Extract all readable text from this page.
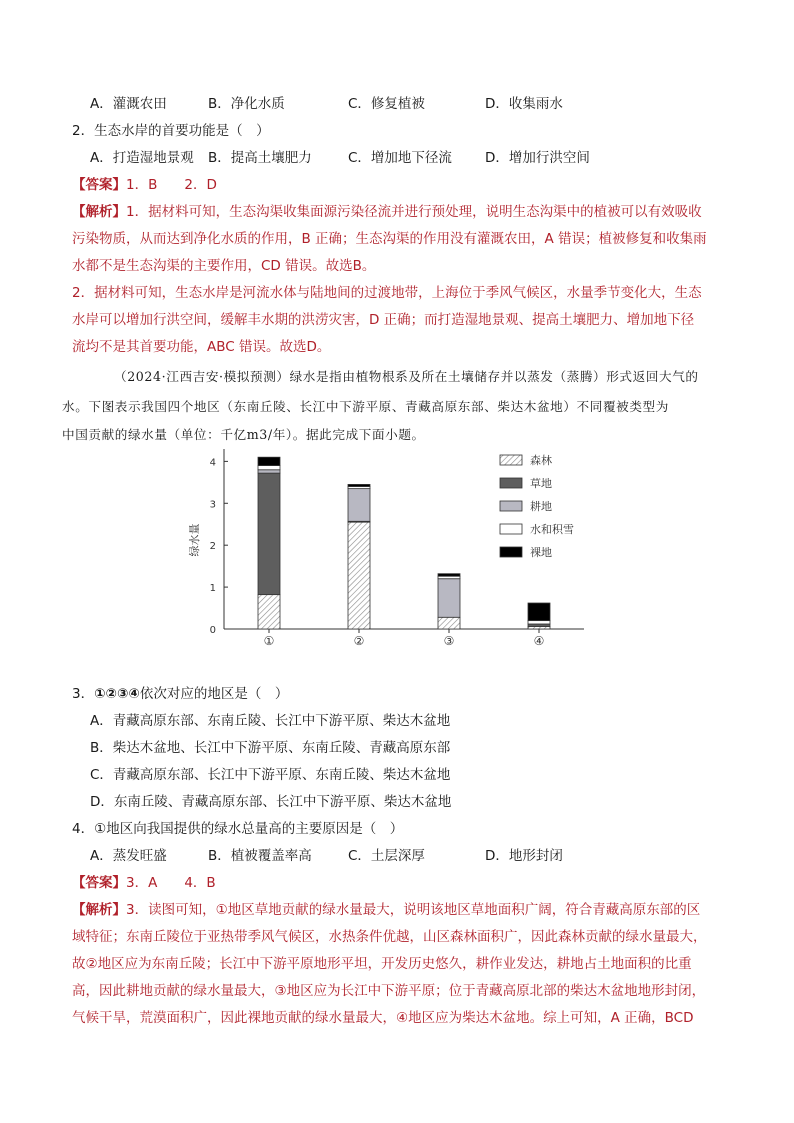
A．灌溉农田	B．净化水质	C．修复植被	D．收集雨水
2．生态水岸的首要功能是（　）
A．打造湿地景观 B．提高土壤肥力	C．增加地下径流 D．增加行洪空间
【答案】1．B　　2．D
【解析】1．据材料可知，生态沟渠收集面源污染径流并进行预处理，说明生态沟渠中的植被可以有效吸收
污染物质，从而达到净化水质的作用，B 正确；生态沟渠的作用没有灌溉农田，A 错误；植被修复和收集雨
水都不是生态沟渠的主要作用，CD 错误。故选B。
2．据材料可知，生态水岸是河流水体与陆地间的过渡地带，上海位于季风气候区，水量季节变化大，生态
水岸可以增加行洪空间，缓解丰水期的洪涝灾害，D 正确；而打造湿地景观、提高土壤肥力、增加地下径
流均不是其首要功能，ABC 错误。故选D。
（2024·江西吉安·模拟预测）绿水是指由植物根系及所在土壤储存并以蒸发（蒸腾）形式返回大气的
水。下图表示我国四个地区（东南丘陵、长江中下游平原、青藏高原东部、柴达木盆地）不同覆被类型为
中国贡献的绿水量（单位：千亿m3/年）。据此完成下面小题。
0
1
2
3
4
①	②	③	④
森林
草地
耕地
水和积雪
裸地
绿水量
3．①②③④依次对应的地区是（　）
A．青藏高原东部、东南丘陵、长江中下游平原、柴达木盆地
B．柴达木盆地、长江中下游平原、东南丘陵、青藏高原东部
C．青藏高原东部、长江中下游平原、东南丘陵、柴达木盆地
D．东南丘陵、青藏高原东部、长江中下游平原、柴达木盆地
4．①地区向我国提供的绿水总量高的主要原因是（　）
A．蒸发旺盛	B．植被覆盖率高	C．土层深厚	D．地形封闭
【答案】3．A　　4．B
【解析】3．读图可知，①地区草地贡献的绿水量最大，说明该地区草地面积广阔，符合青藏高原东部的区
域特征；东南丘陵位于亚热带季风气候区，水热条件优越，山区森林面积广，因此森林贡献的绿水量最大，
故②地区应为东南丘陵；长江中下游平原地形平坦，开发历史悠久，耕作业发达，耕地占土地面积的比重
高，因此耕地贡献的绿水量最大，③地区应为长江中下游平原；位于青藏高原北部的柴达木盆地地形封闭，
气候干旱，荒漠面积广，因此裸地贡献的绿水量最大，④地区应为柴达木盆地。综上可知，A 正确，BCD
